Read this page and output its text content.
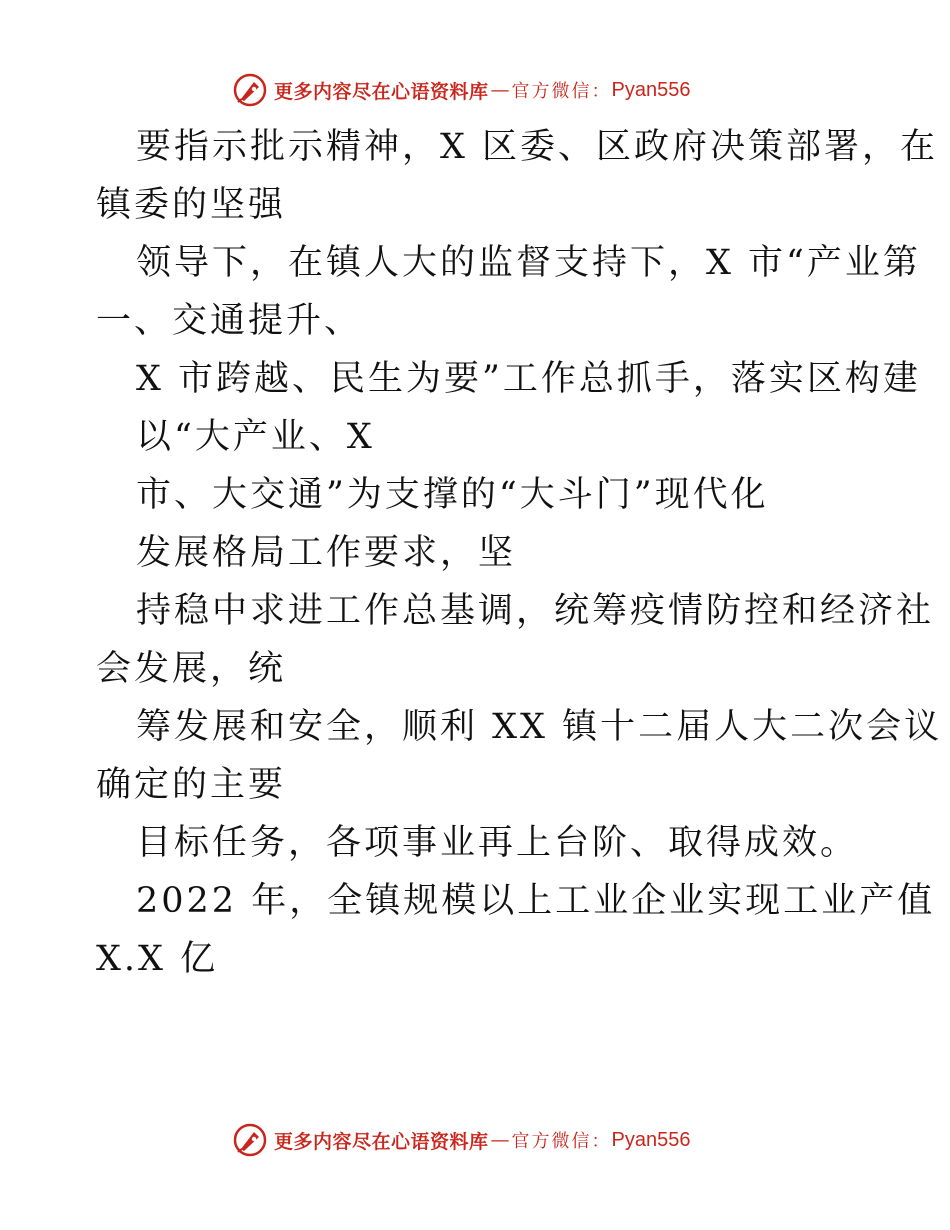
更多内容尽在心语资料库 — 官方微信： Pyan556
要指示批示精神，X 区委、区政府决策部署，在
镇委的坚强
领导下，在镇人大的监督支持下，X 市“产业第
一、交通提升、
X 市跨越、民生为要”工作总抓手，落实区构建
以“大产业、X
市、大交通”为支撑的“大斗门”现代化
发展格局工作要求，坚
持稳中求进工作总基调，统筹疫情防控和经济社
会发展，统
筹发展和安全，顺利 XX 镇十二届人大二次会议
确定的主要
目标任务，各项事业再上台阶、取得成效。
2022 年，全镇规模以上工业企业实现工业产值
X.X 亿
更多内容尽在心语资料库 — 官方微信： Pyan556
